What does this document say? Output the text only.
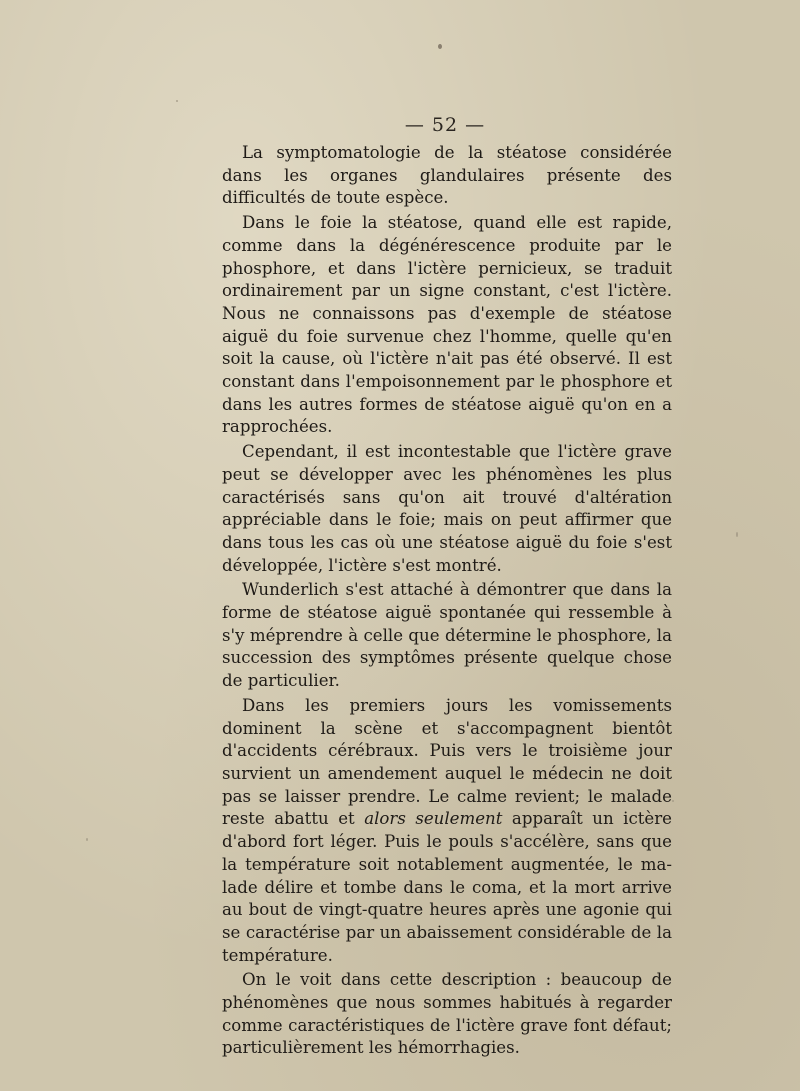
— 52 —

La symptomatologie de la stéatose considérée dans les organes glandulaires présente des difficultés de toute espèce.

Dans le foie la stéatose, quand elle est rapide, comme dans la dégénérescence produite par le phosphore, et dans l'ictère pernicieux, se traduit ordinairement par un signe constant, c'est l'ictère. Nous ne connaissons pas d'exemple de stéatose aiguë du foie survenue chez l'homme, quelle qu'en soit la cause, où l'ictère n'ait pas été observé. Il est constant dans l'empoisonnement par le phosphore et dans les autres formes de stéatose aiguë qu'on en a rapprochées.

Cependant, il est incontestable que l'ictère grave peut se développer avec les phénomènes les plus caractérisés sans qu'on ait trouvé d'altération appréciable dans le foie; mais on peut affirmer que dans tous les cas où une stéatose aiguë du foie s'est développée, l'ictère s'est montré.

Wunderlich s'est attaché à démontrer que dans la forme de stéatose aiguë spontanée qui ressemble à s'y méprendre à celle que détermine le phosphore, la succession des symptômes présente quelque chose de particulier.

Dans les premiers jours les vomissements dominent la scène et s'accompagnent bientôt d'accidents cérébraux. Puis vers le troisième jour survient un amendement auquel le médecin ne doit pas se laisser prendre. Le calme revient; le malade reste abattu et alors seulement apparaît un ictère d'abord fort léger. Puis le pouls s'accélère, sans que la température soit notablement augmentée, le malade délire et tombe dans le coma, et la mort arrive au bout de vingt-quatre heures après une agonie qui se caractérise par un abaissement considérable de la température.

On le voit dans cette description : beaucoup de phénomènes que nous sommes habitués à regarder comme caractéristiques de l'ictère grave font défaut; particulièrement les hémorrhagies.
